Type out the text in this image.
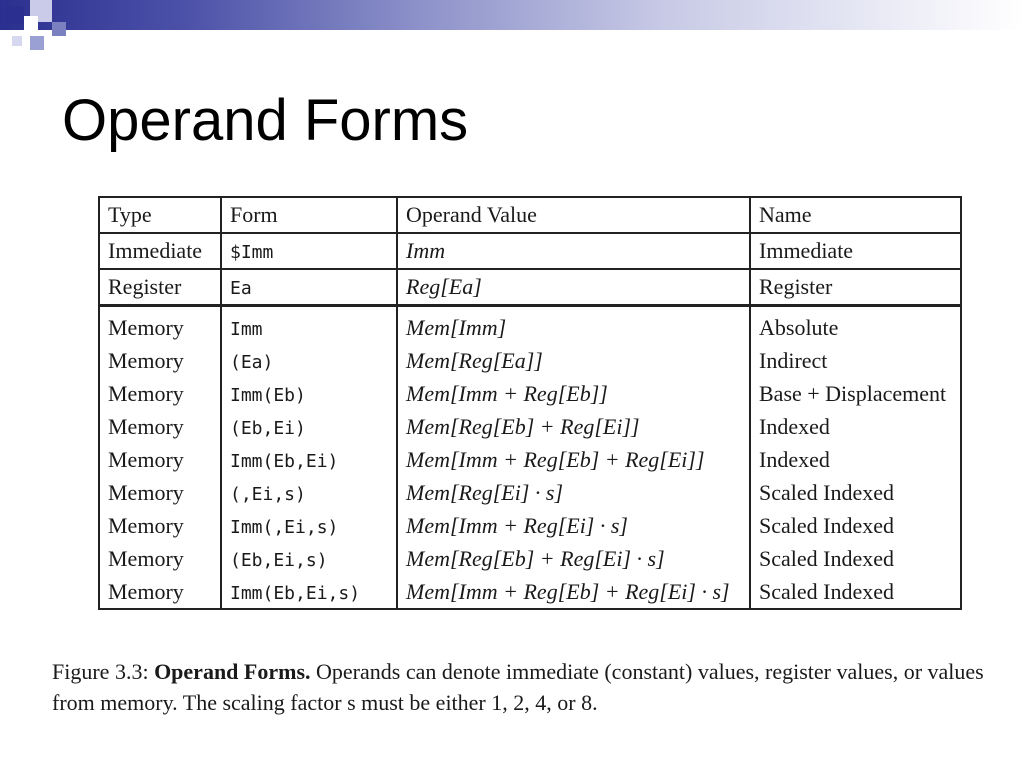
Operand Forms
Type	Form	Operand Value	Name
Immediate	$Imm	Imm	Immediate
Register	Ea	Reg[Ea]	Register
Memory	Imm	Mem[Imm]	Absolute
Memory	(Ea)	Mem[Reg[Ea]]	Indirect
Memory	Imm(Eb)	Mem[Imm + Reg[Eb]]	Base + Displacement
Memory	(Eb,Ei)	Mem[Reg[Eb] + Reg[Ei]]	Indexed
Memory	Imm(Eb,Ei)	Mem[Imm + Reg[Eb] + Reg[Ei]]	Indexed
Memory	(,Ei,s)	Mem[Reg[Ei] · s]	Scaled Indexed
Memory	Imm(,Ei,s)	Mem[Imm + Reg[Ei] · s]	Scaled Indexed
Memory	(Eb,Ei,s)	Mem[Reg[Eb] + Reg[Ei] · s]	Scaled Indexed
Memory	Imm(Eb,Ei,s)	Mem[Imm + Reg[Eb] + Reg[Ei] · s]	Scaled Indexed
Figure 3.3: Operand Forms. Operands can denote immediate (constant) values, register values, or values from memory. The scaling factor s must be either 1, 2, 4, or 8.
